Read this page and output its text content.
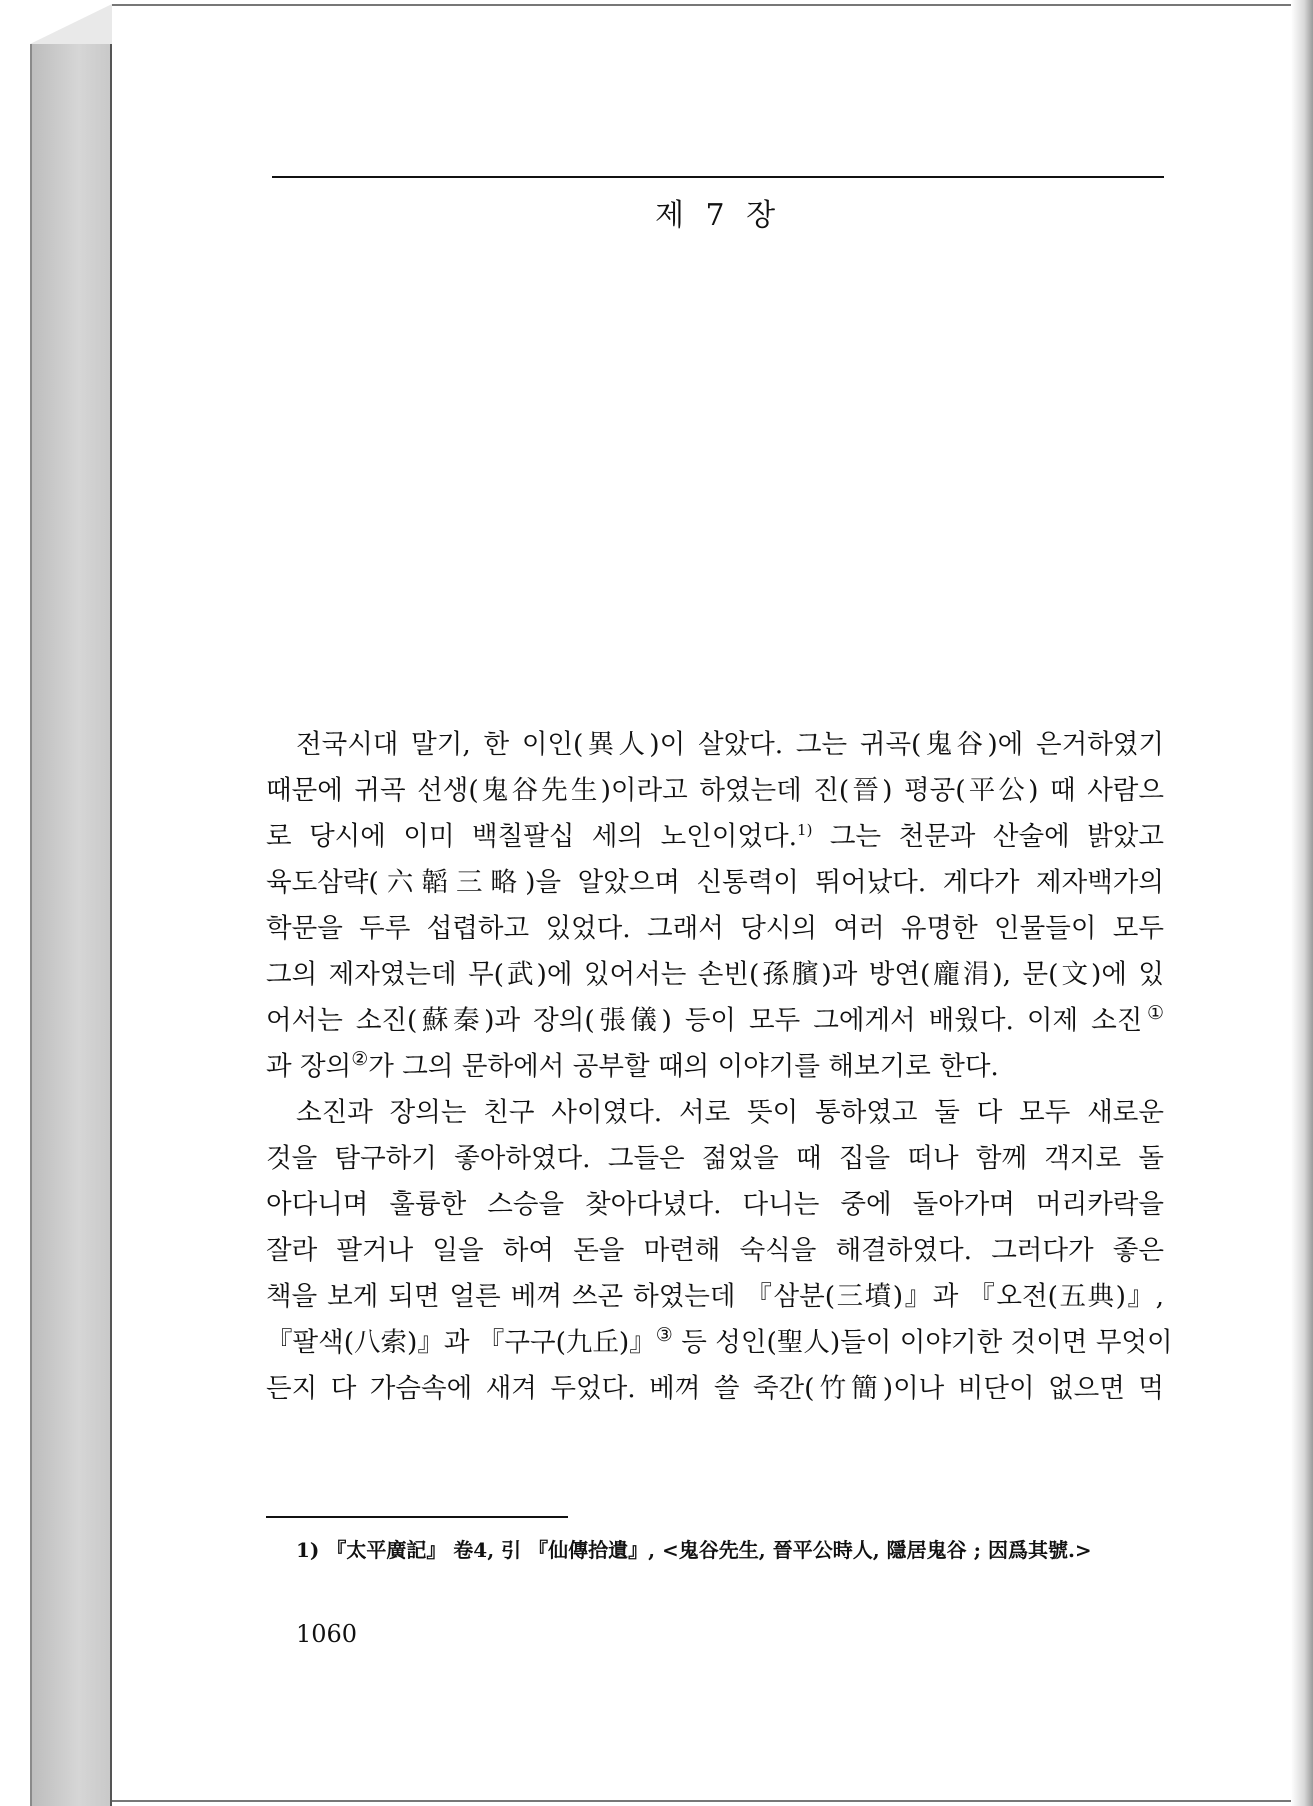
제 7 장
전국시대 말기, 한 이인(異人)이 살았다. 그는 귀곡(鬼谷)에 은거하였기
때문에 귀곡 선생(鬼谷先生)이라고 하였는데 진(晉) 평공(平公) 때 사람으
로 당시에 이미 백칠팔십 세의 노인이었다.$^{1)}$ 그는 천문과 산술에 밝았고
육도삼략(六韜三略)을 알았으며 신통력이 뛰어났다. 게다가 제자백가의
학문을 두루 섭렵하고 있었다. 그래서 당시의 여러 유명한 인물들이 모두
그의 제자였는데 무(武)에 있어서는 손빈(孫臏)과 방연(龐涓), 문(文)에 있
어서는 소진(蘇秦)과 장의(張儀) 등이 모두 그에게서 배웠다. 이제 소진①
과 장의②가 그의 문하에서 공부할 때의 이야기를 해보기로 한다.
소진과 장의는 친구 사이였다. 서로 뜻이 통하였고 둘 다 모두 새로운
것을 탐구하기 좋아하였다. 그들은 젊었을 때 집을 떠나 함께 객지로 돌
아다니며 훌륭한 스승을 찾아다녔다. 다니는 중에 돌아가며 머리카락을
잘라 팔거나 일을 하여 돈을 마련해 숙식을 해결하였다. 그러다가 좋은
책을 보게 되면 얼른 베껴 쓰곤 하였는데 『삼분(三墳)』과 『오전(五典)』,
『팔색(八索)』과 『구구(九丘)』③ 등 성인(聖人)들이 이야기한 것이면 무엇이
든지 다 가슴속에 새겨 두었다. 베껴 쓸 죽간(竹簡)이나 비단이 없으면 먹
1) 『太平廣記』 卷4, 引 『仙傳拾遺』, <鬼谷先生, 晉平公時人, 隱居鬼谷 ; 因爲其號.>
1060
